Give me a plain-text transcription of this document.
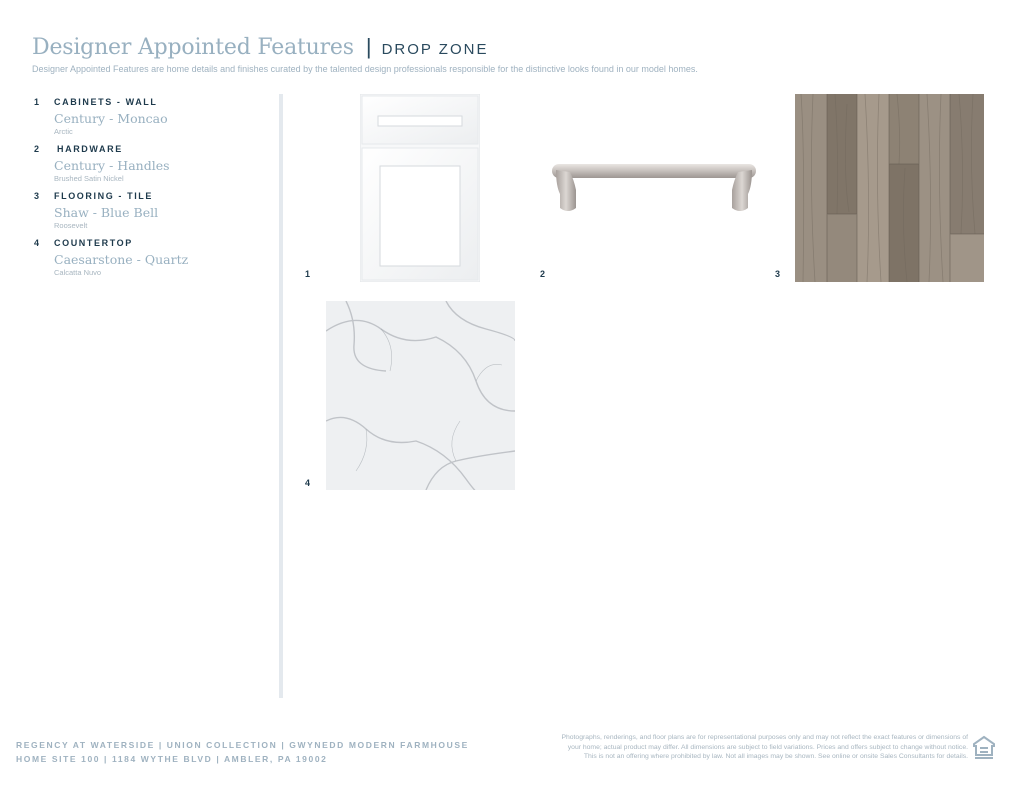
Designer Appointed Features | DROP ZONE
Designer Appointed Features are home details and finishes curated by the talented design professionals responsible for the distinctive looks found in our model homes.
1	CABINETS - WALL
Century - Moncao
Arctic
2	HARDWARE
Century - Handles
Brushed Satin Nickel
3	FLOORING - TILE
Shaw - Blue Bell
Roosevelt
4	COUNTERTOP
Caesarstone - Quartz
Calcatta Nuvo	1	2	3
4
REGENCY AT WATERSIDE | UNION COLLECTION | GWYNEDD MODERN FARMHOUSE
HOME SITE 100 | 1184 WYTHE BLVD | AMBLER, PA 19002
Photographs, renderings, and floor plans are for representational purposes only and may not reflect the exact features or dimensions of
your home; actual product may differ. All dimensions are subject to field variations. Prices and offers subject to change without notice.
This is not an offering where prohibited by law. Not all images may be shown. See online or onsite Sales Consultants for details.
